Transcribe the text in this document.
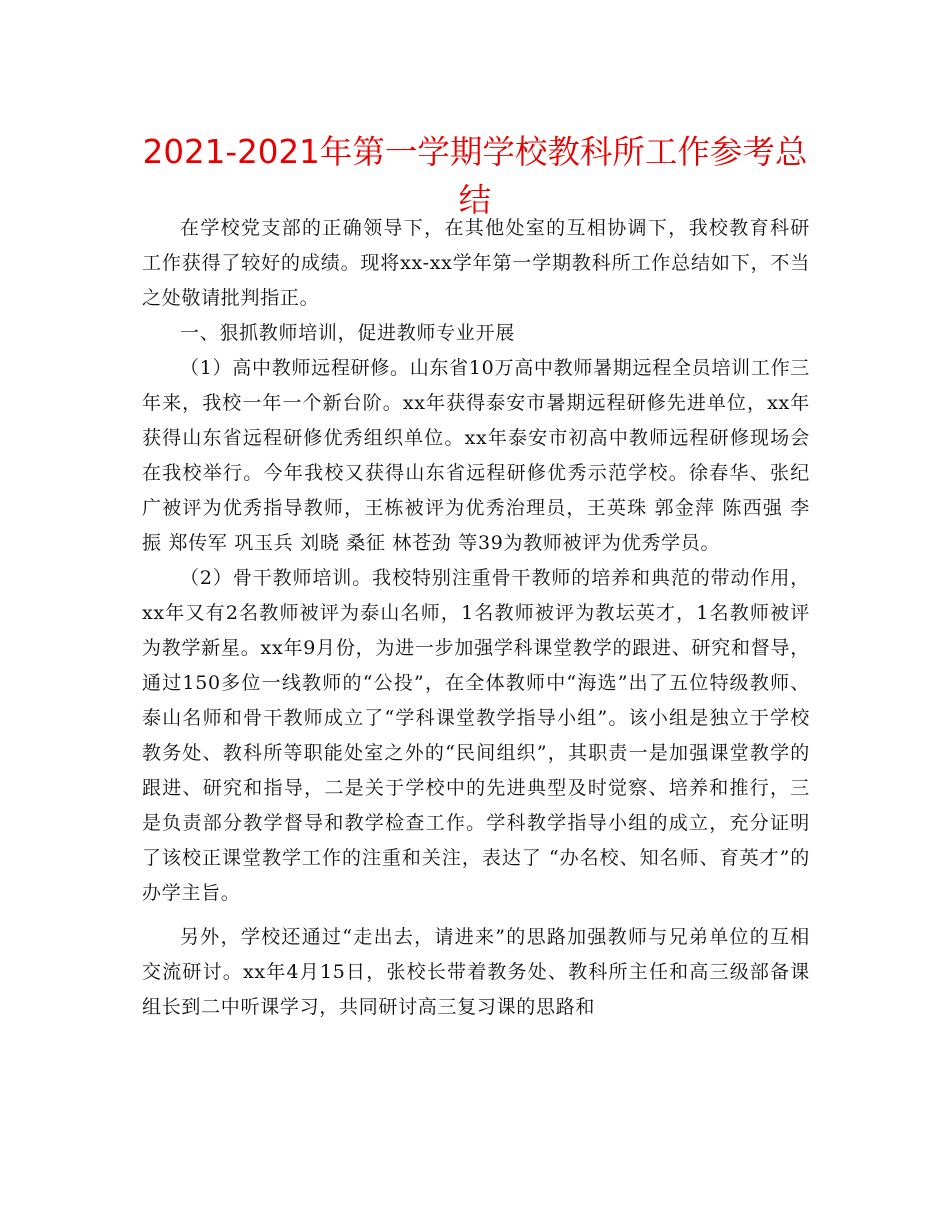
2021-2021年第一学期学校教科所工作参考总结

在学校党支部的正确领导下，在其他处室的互相协调下，我校教育科研工作获得了较好的成绩。现将xx-xx学年第一学期教科所工作总结如下，不当之处敬请批判指正。

一、狠抓教师培训，促进教师专业开展

（1）高中教师远程研修。山东省10万高中教师暑期远程全员培训工作三年来，我校一年一个新台阶。xx年获得泰安市暑期远程研修先进单位，xx年获得山东省远程研修优秀组织单位。xx年泰安市初高中教师远程研修现场会在我校举行。今年我校又获得山东省远程研修优秀示范学校。徐春华、张纪广被评为优秀指导教师，王栋被评为优秀治理员，王英珠 郭金萍 陈西强 李振 郑传军 巩玉兵 刘晓 桑征 林苍劲 等39为教师被评为优秀学员。

（2）骨干教师培训。我校特别注重骨干教师的培养和典范的带动作用，xx年又有2名教师被评为泰山名师，1名教师被评为教坛英才，1名教师被评为教学新星。xx年9月份，为进一步加强学科课堂教学的跟进、研究和督导，通过150多位一线教师的“公投”，在全体教师中“海选”出了五位特级教师、泰山名师和骨干教师成立了“学科课堂教学指导小组”。该小组是独立于学校教务处、教科所等职能处室之外的“民间组织”，其职责一是加强课堂教学的跟进、研究和指导，二是关于学校中的先进典型及时觉察、培养和推行，三是负责部分教学督导和教学检查工作。学科教学指导小组的成立，充分证明了该校正课堂教学工作的注重和关注，表达了 “办名校、知名师、育英才”的办学主旨。

另外，学校还通过“走出去，请进来”的思路加强教师与兄弟单位的互相交流研讨。xx年4月15日，张校长带着教务处、教科所主任和高三级部备课组长到二中听课学习，共同研讨高三复习课的思路和
